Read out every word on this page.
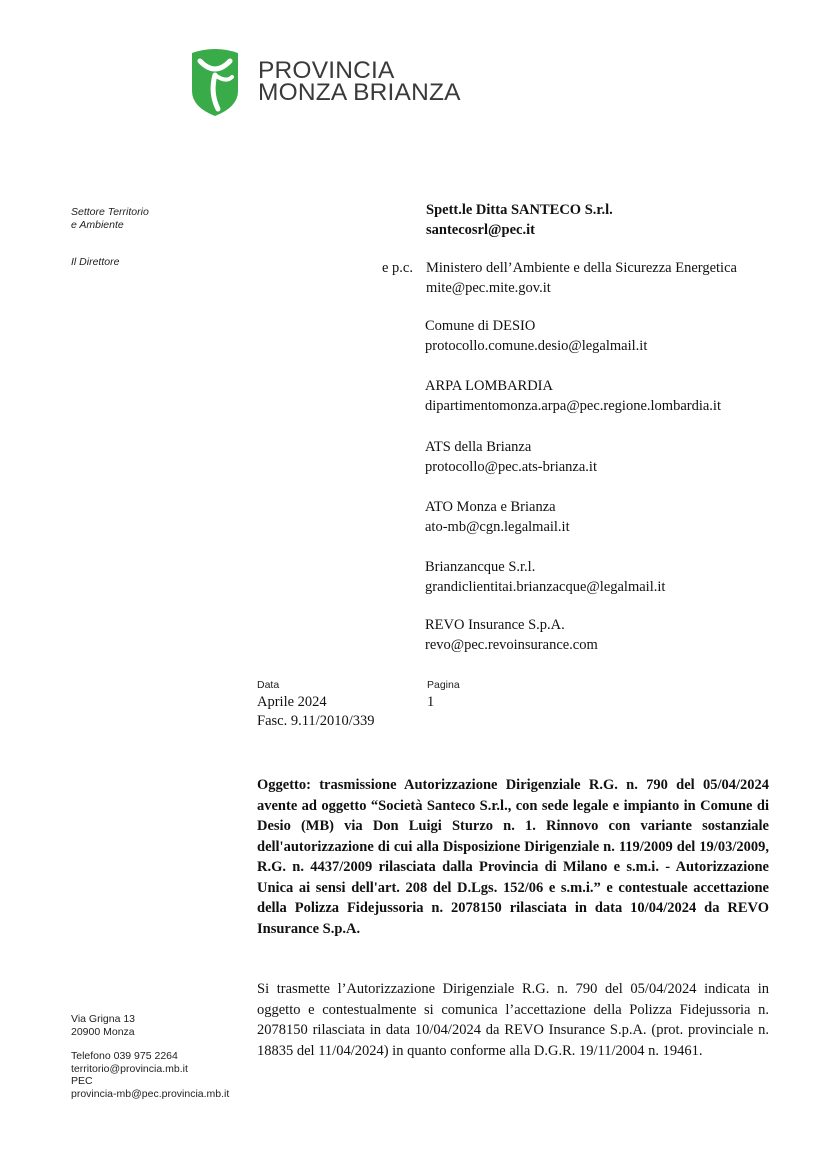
PROVINCIA
MONZA BRIANZA
Settore Territorio
e Ambiente
Il Direttore
Via Grigna 13
20900 Monza
Telefono 039 975 2264
territorio@provincia.mb.it
PEC
provincia-mb@pec.provincia.mb.it
Spett.le Ditta SANTECO S.r.l.
santecosrl@pec.it
e p.c. Ministero dell’Ambiente e della Sicurezza Energetica
mite@pec.mite.gov.it
Comune di DESIO
protocollo.comune.desio@legalmail.it
ARPA LOMBARDIA
dipartimentomonza.arpa@pec.regione.lombardia.it
ATS della Brianza
protocollo@pec.ats-brianza.it
ATO Monza e Brianza
ato-mb@cgn.legalmail.it
Brianzancque S.r.l.
grandiclientitai.brianzacque@legalmail.it
REVO Insurance S.p.A.
revo@pec.revoinsurance.com
Data
Aprile 2024
Fasc. 9.11/2010/339
Pagina
1
Oggetto: trasmissione Autorizzazione Dirigenziale R.G. n. 790 del 05/04/2024 avente ad oggetto “Società Santeco S.r.l., con sede legale e impianto in Comune di Desio (MB) via Don Luigi Sturzo n. 1. Rinnovo con variante sostanziale dell'autorizzazione di cui alla Disposizione Dirigenziale n. 119/2009 del 19/03/2009, R.G. n. 4437/2009 rilasciata dalla Provincia di Milano e s.m.i. - Autorizzazione Unica ai sensi dell'art. 208 del D.Lgs. 152/06 e s.m.i.” e contestuale accettazione della Polizza Fidejussoria n. 2078150 rilasciata in data 10/04/2024 da REVO Insurance S.p.A.
Si trasmette l’Autorizzazione Dirigenziale R.G. n. 790 del 05/04/2024 indicata in oggetto e contestualmente si comunica l’accettazione della Polizza Fidejussoria n. 2078150 rilasciata in data 10/04/2024 da REVO Insurance S.p.A. (prot. provinciale n. 18835 del 11/04/2024) in quanto conforme alla D.G.R. 19/11/2004 n. 19461.
